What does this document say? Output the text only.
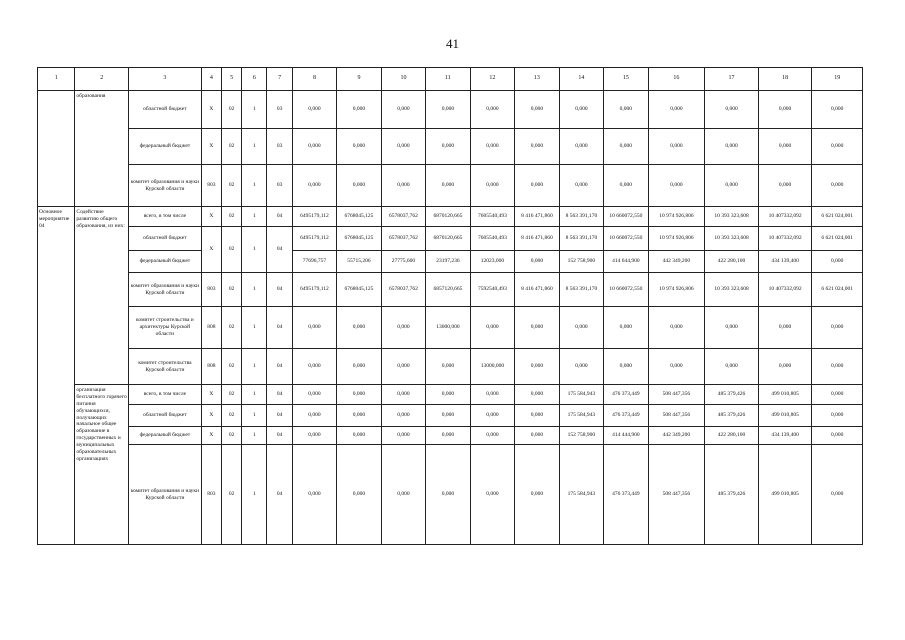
41
1	2	3	4	5	6	7	8	9	10	11	12	13	14	15	16	17	18	19
	образования	областной бюджет	Х	02	1	03	0,000	0,000	0,000	0,000	0,000	0,000	0,000	0,000	0,000	0,000	0,000	0,000
		федеральный бюджет	Х	02	1	03	0,000	0,000	0,000	0,000	0,000	0,000	0,000	0,000	0,000	0,000	0,000	0,000
		комитет образования и науки Курской области	803	02	1	03	0,000	0,000	0,000	0,000	0,000	0,000	0,000	0,000	0,000	0,000	0,000	0,000
Основное мероприятие 04	Содействие развитию общего образования, из них:	всего, в том числе	Х	02	1	04	6495179,112	6768045,125	6578037,762	6870120,665	7605540,493	8 416 471,860	8 563 391,170	10 660072,550	10 974 926,806	10 393 323,608	10 407332,092	6 621 024,001
		областной бюджет	Х	02	1	04	6495179,112	6768045,125	6578037,762	6870120,665	7605540,493	8 416 471,860	8 563 391,170	10 660072,550	10 974 926,806	10 393 323,608	10 407332,092	6 621 024,001
		федеральный бюджет					77696,757	55715,206	27775,600	23197,236	12023,000	0,000	152 758,900	414 644,900	442 349,200	422 280,100	434 139,400	0,000
		комитет образования и науки Курской области	803	02	1	04	6495179,112	6768045,125	6578037,762	6857120,665	7592540,493	8 416 471,860	8 563 391,170	10 660072,550	10 974 926,806	10 393 323,608	10 407332,092	6 621 024,001
		комитет строительства и архитектуры Курской области	808	02	1	04	0,000	0,000	0,000	13000,000	0,000	0,000	0,000	0,000	0,000	0,000	0,000	0,000
		комитет строительства Курской области	808	02	1	04	0,000	0,000	0,000	0,000	13000,000	0,000	0,000	0,000	0,000	0,000	0,000	0,000
	организация бесплатного горячего питания обучающихся, получающих начальное общее образование в государственных и муниципальных образовательных организациях	всего, в том числе	Х	02	1	04	0,000	0,000	0,000	0,000	0,000	0,000	175 584,943	476 373,449	508 447,356	485 379,426	499 010,805	0,000
		областной бюджет	Х	02	1	04	0,000	0,000	0,000	0,000	0,000	0,000	175 584,943	476 373,449	508 447,356	485 379,426	499 010,805	0,000
		федеральный бюджет	Х	02	1	04	0,000	0,000	0,000	0,000	0,000	0,000	152 758,900	414 444,900	442 349,200	422 280,100	434 139,400	0,000
		комитет образования и науки Курской области	803	02	1	04	0,000	0,000	0,000	0,000	0,000	0,000	175 584,943	476 373,449	508 447,356	485 379,426	499 010,805	0,000
